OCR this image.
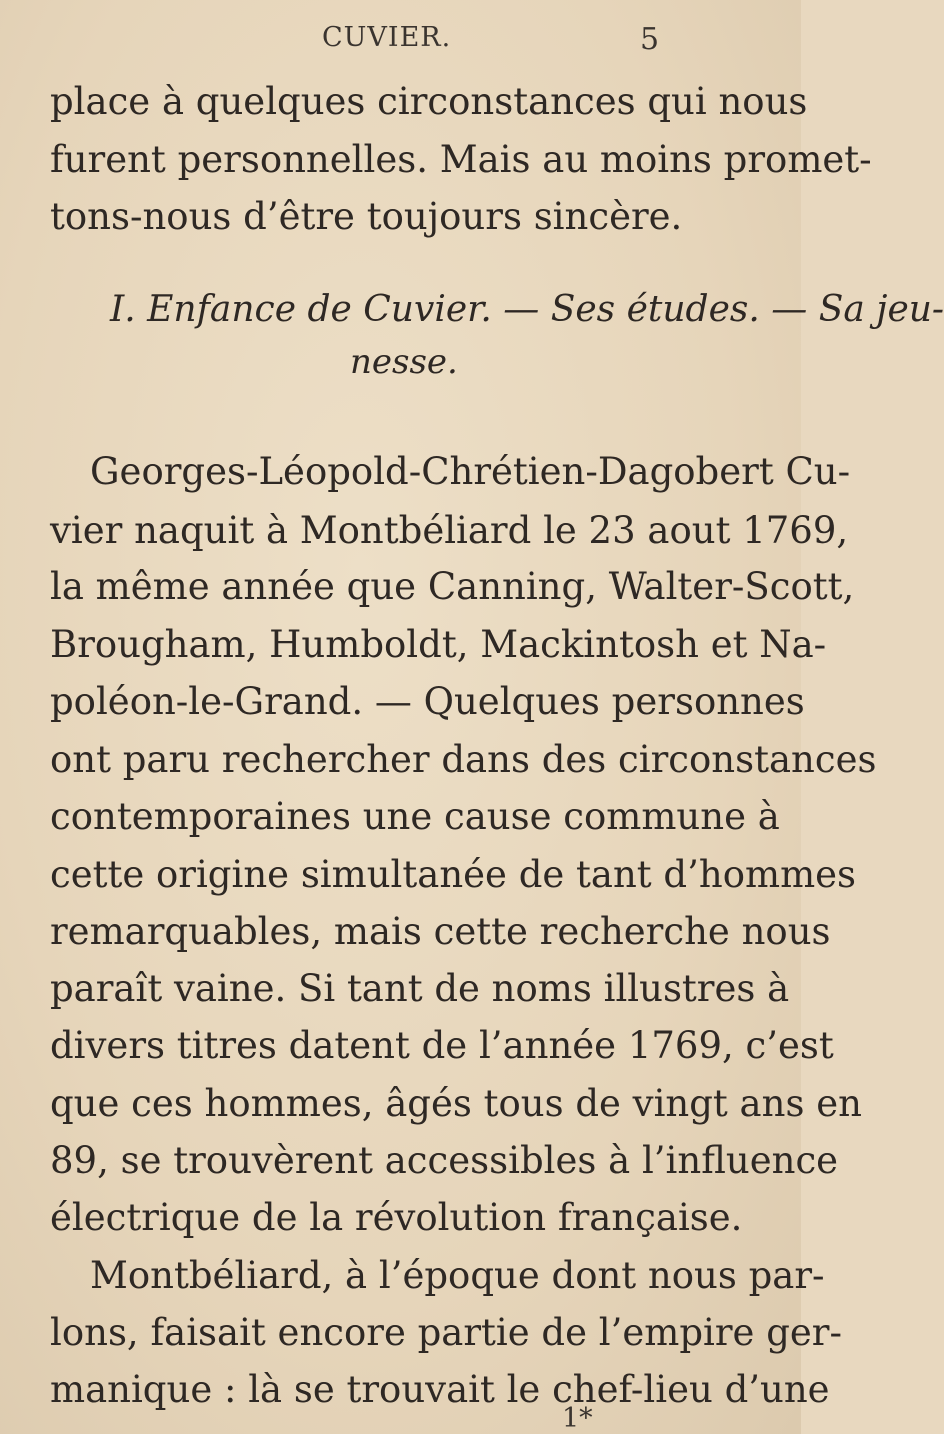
CUVIER.	5
place à quelques circonstances qui nous
furent personnelles. Mais au moins promet-
tons-nous d’être toujours sincère.
I. Enfance de Cuvier. — Ses études. — Sa jeu-
nesse.
Georges-Léopold-Chrétien-Dagobert Cu-
vier naquit à Montbéliard le 23 aout 1769,
la même année que Canning, Walter-Scott,
Brougham, Humboldt, Mackintosh et Na-
poléon-le-Grand. — Quelques personnes
ont paru rechercher dans des circonstances
contemporaines une cause commune à
cette origine simultanée de tant d’hommes
remarquables, mais cette recherche nous
paraît vaine. Si tant de noms illustres à
divers titres datent de l’année 1769, c’est
que ces hommes, âgés tous de vingt ans en
89, se trouvèrent accessibles à l’influence
électrique de la révolution française.
Montbéliard, à l’époque dont nous par-
lons, faisait encore partie de l’empire ger-
manique : là se trouvait le chef-lieu d’une
1*
